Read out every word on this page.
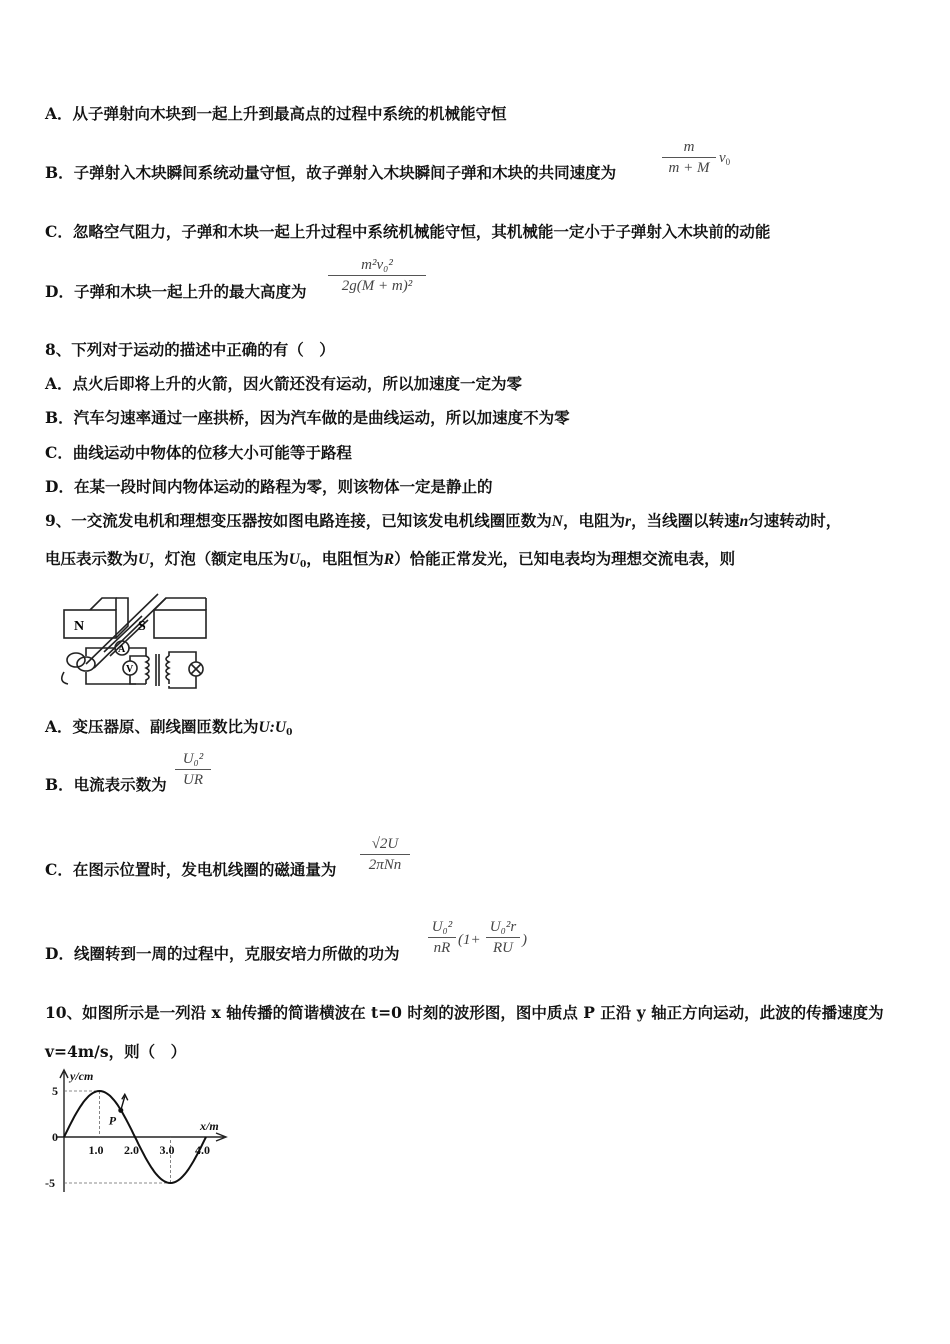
A．从子弹射向木块到一起上升到最高点的过程中系统的机械能守恒
B．子弹射入木块瞬间系统动量守恒，故子弹射入木块瞬间子弹和木块的共同速度为
m
m + M
$v_0$
C．忽略空气阻力，子弹和木块一起上升过程中系统机械能守恒，其机械能一定小于子弹射入木块前的动能
D．子弹和木块一起上升的最大高度为
m²v₀²
2g(M + m)²
8、下列对于运动的描述中正确的有（　）
A．点火后即将上升的火箭，因火箭还没有运动，所以加速度一定为零
B．汽车匀速率通过一座拱桥，因为汽车做的是曲线运动，所以加速度不为零
C．曲线运动中物体的位移大小可能等于路程
D．在某一段时间内物体运动的路程为零，则该物体一定是静止的
9、一交流发电机和理想变压器按如图电路连接，已知该发电机线圈匝数为N，电阻为r，当线圈以转速n匀速转动时，
电压表示数为U，灯泡（额定电压为$U_0$，电阻恒为R）恰能正常发光，已知电表均为理想交流电表，则
N	S
A
V
A．变压器原、副线圈匝数比为$U:U_0$
B．电流表示数为
U₀²
UR
C．在图示位置时，发电机线圈的磁通量为
√2U
2πNn
D．线圈转到一周的过程中，克服安培力所做的功为
U₀²
nR (1+
U₀²r
RU )
10、如图所示是一列沿 x 轴传播的简谐横波在 t=0 时刻的波形图，图中质点 P 正沿 y 轴正方向运动，此波的传播速度为
v=4m/s，则（　）
1.0 2.0 3.0 4.0
5
0
-5
y/cm
x/m
P
